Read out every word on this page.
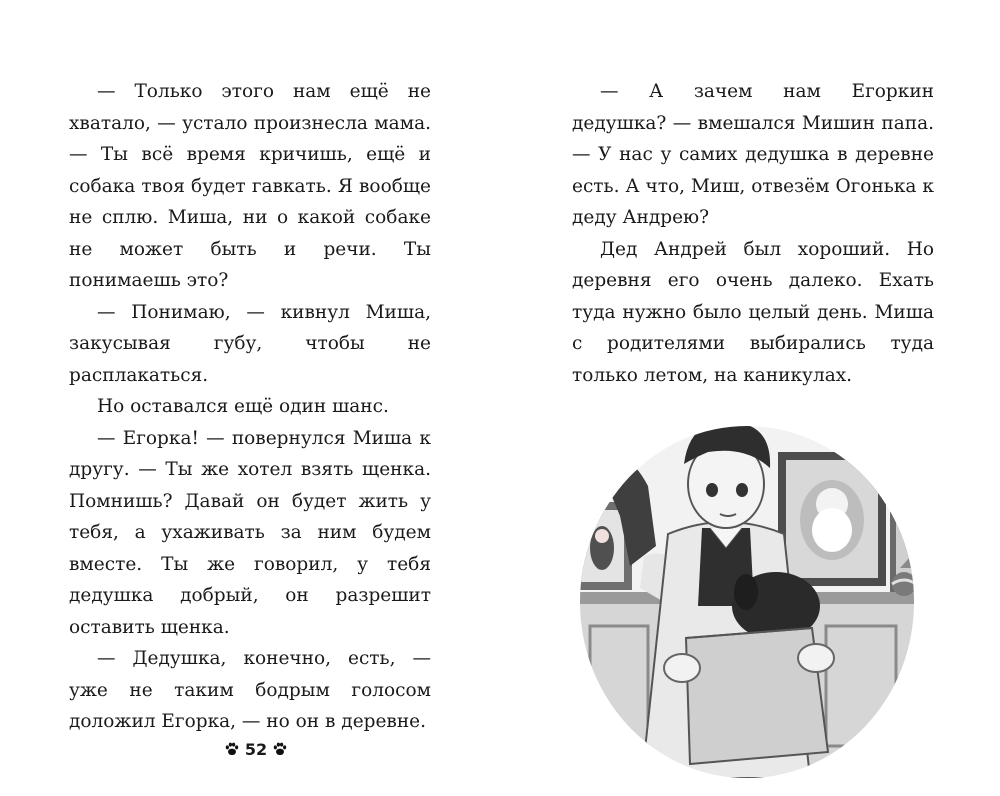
— Только этого нам ещё не хватало, — устало произнесла мама. — Ты всё время кричишь, ещё и собака твоя будет гавкать. Я вообще не сплю. Миша, ни о какой собаке не может быть и речи. Ты понимаешь это?

— Понимаю, — кивнул Миша, закусывая губу, чтобы не расплакаться.

Но оставался ещё один шанс.

— Егорка! — повернулся Миша к другу. — Ты же хотел взять щенка. Помнишь? Давай он будет жить у тебя, а ухаживать за ним будем вместе. Ты же говорил, у тебя дедушка добрый, он разрешит оставить щенка.

— Дедушка, конечно, есть, — уже не таким бодрым голосом доложил Егорка, — но он в деревне.

— А зачем нам Егоркин дедушка? — вмешался Мишин папа. — У нас у самих дедушка в деревне есть. А что, Миш, отвезём Огонька к деду Андрею?

Дед Андрей был хороший. Но деревня его очень далеко. Ехать туда нужно было целый день. Миша с родителями выбирались туда только летом, на каникулах.

52
